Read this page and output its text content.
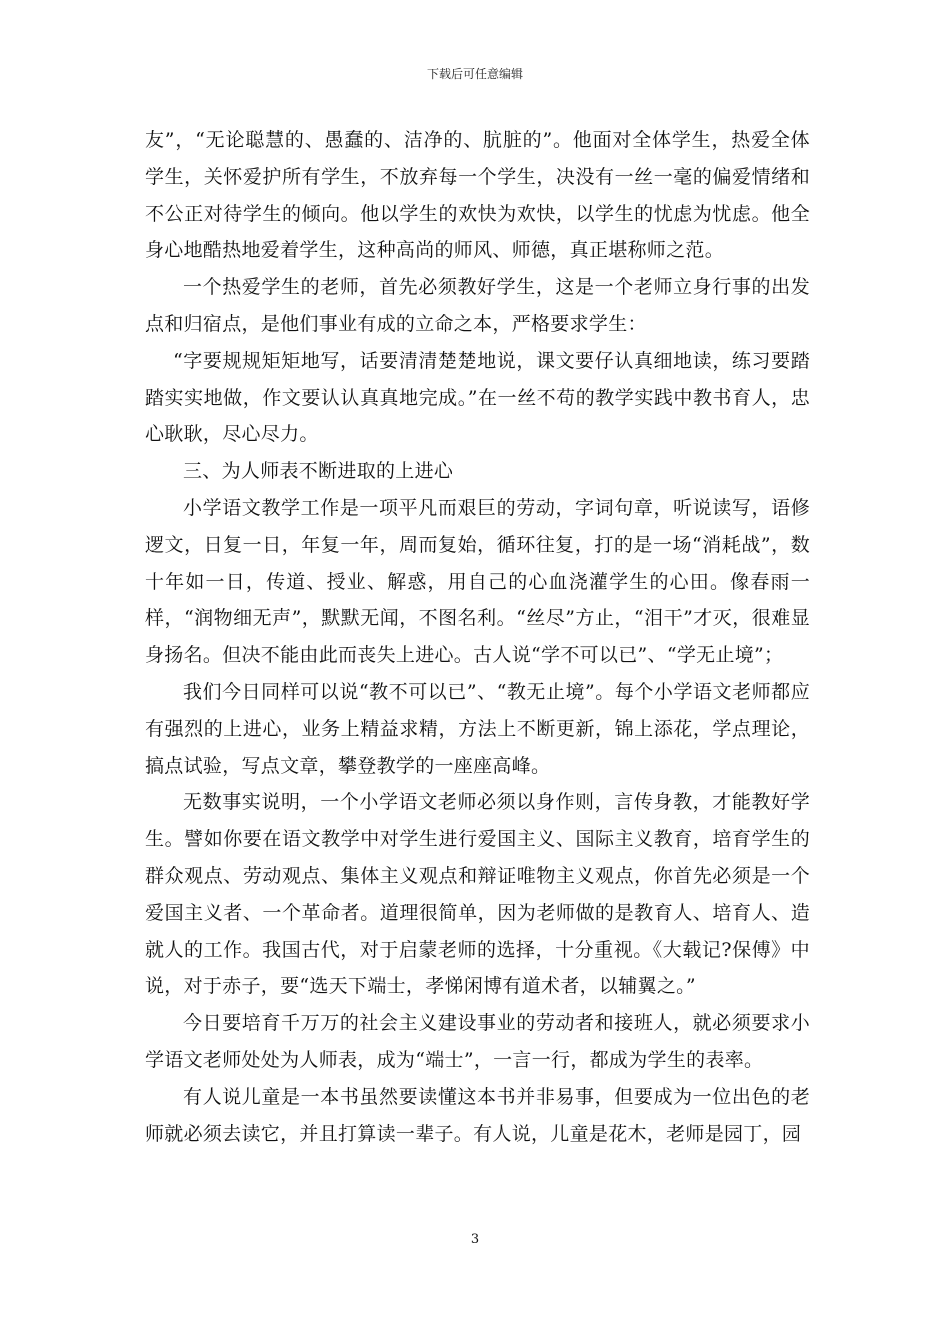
下载后可任意编辑

友”，“无论聪慧的、愚蠢的、洁净的、肮脏的”。他面对全体学生，热爱全体学生，关怀爱护所有学生，不放弃每一个学生，决没有一丝一毫的偏爱情绪和不公正对待学生的倾向。他以学生的欢快为欢快，以学生的忧虑为忧虑。他全身心地酷热地爱着学生，这种高尚的师风、师德，真正堪称师之范。

一个热爱学生的老师，首先必须教好学生，这是一个老师立身行事的出发点和归宿点，是他们事业有成的立命之本，严格要求学生：

“字要规规矩矩地写，话要清清楚楚地说，课文要仔认真细地读，练习要踏踏实实地做，作文要认认真真地完成。”在一丝不苟的教学实践中教书育人，忠心耿耿，尽心尽力。

三、为人师表不断进取的上进心

小学语文教学工作是一项平凡而艰巨的劳动，字词句章，听说读写，语修逻文，日复一日，年复一年，周而复始，循环往复，打的是一场“消耗战”，数十年如一日，传道、授业、解惑，用自己的心血浇灌学生的心田。像春雨一样，“润物细无声”，默默无闻，不图名利。“丝尽”方止，“泪干”才灭，很难显身扬名。但决不能由此而丧失上进心。古人说“学不可以已”、“学无止境”；

我们今日同样可以说“教不可以已”、“教无止境”。每个小学语文老师都应有强烈的上进心，业务上精益求精，方法上不断更新，锦上添花，学点理论，搞点试验，写点文章，攀登教学的一座座高峰。

无数事实说明，一个小学语文老师必须以身作则，言传身教，才能教好学生。譬如你要在语文教学中对学生进行爱国主义、国际主义教育，培育学生的群众观点、劳动观点、集体主义观点和辩证唯物主义观点，你首先必须是一个爱国主义者、一个革命者。道理很简单，因为老师做的是教育人、培育人、造就人的工作。我国古代，对于启蒙老师的选择，十分重视。《大载记?保傅》中说，对于赤子，要“选天下端士，孝悌闲博有道术者，以辅翼之。”

今日要培育千万万的社会主义建设事业的劳动者和接班人，就必须要求小学语文老师处处为人师表，成为“端士”，一言一行，都成为学生的表率。

有人说儿童是一本书虽然要读懂这本书并非易事，但要成为一位出色的老师就必须去读它，并且打算读一辈子。有人说，儿童是花木，老师是园丁，园

3
